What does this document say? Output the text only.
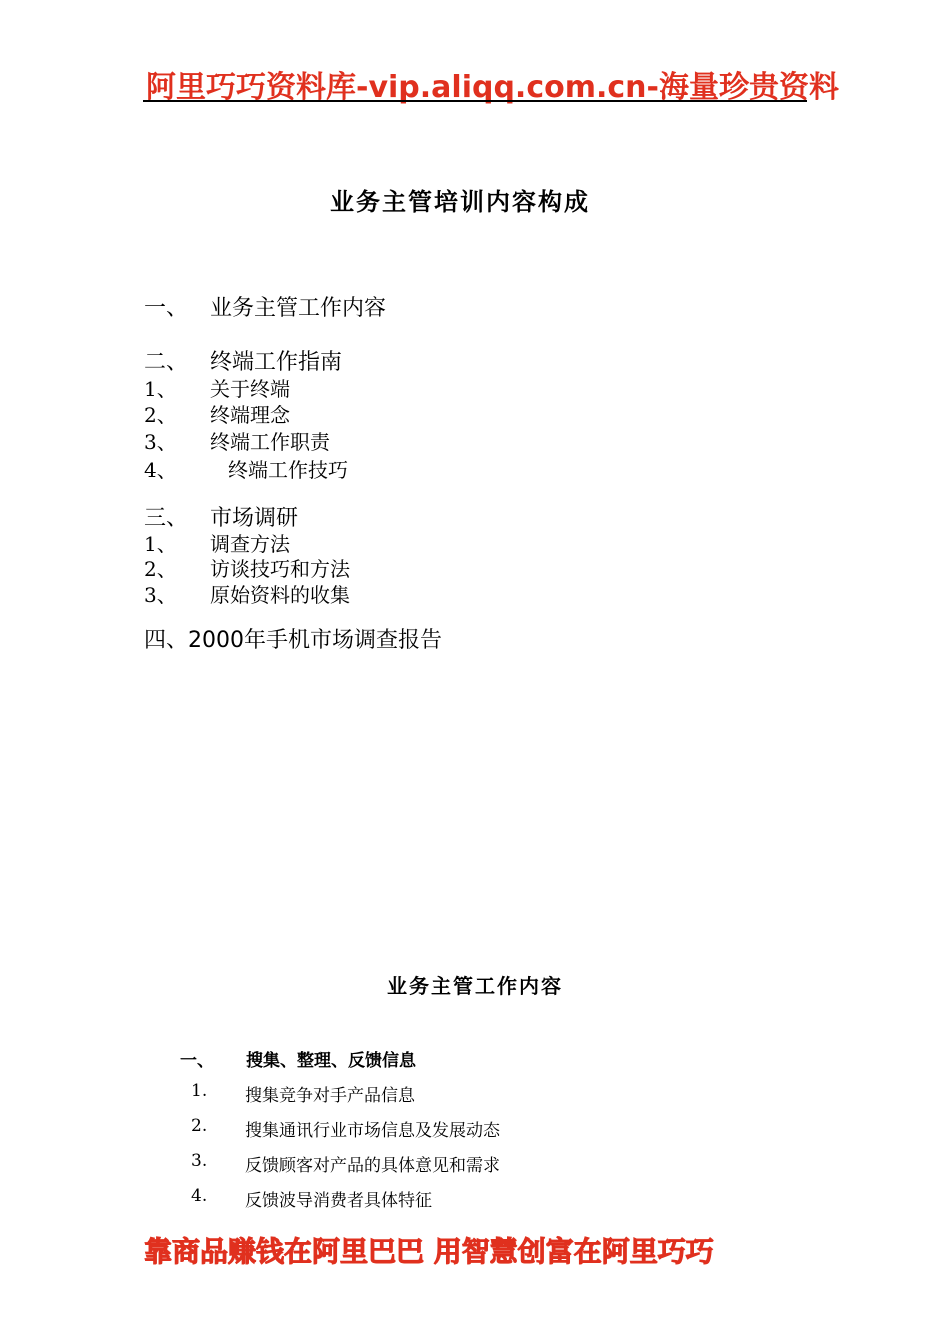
阿里巧巧资料库-vip.aliqq.com.cn-海量珍贵资料
业务主管培训内容构成
一、 业务主管工作内容
二、 终端工作指南
1、 关于终端
2、 终端理念
3、 终端工作职责
4、	终端工作技巧
三、 市场调研
1、 调查方法
2、 访谈技巧和方法
3、 原始资料的收集
四、2000年手机市场调查报告
业务主管工作内容
一、 搜集、整理、反馈信息
1. 搜集竞争对手产品信息
2. 搜集通讯行业市场信息及发展动态
3. 反馈顾客对产品的具体意见和需求
4. 反馈波导消费者具体特征
靠商品赚钱在阿里巴巴 用智慧创富在阿里巧巧
